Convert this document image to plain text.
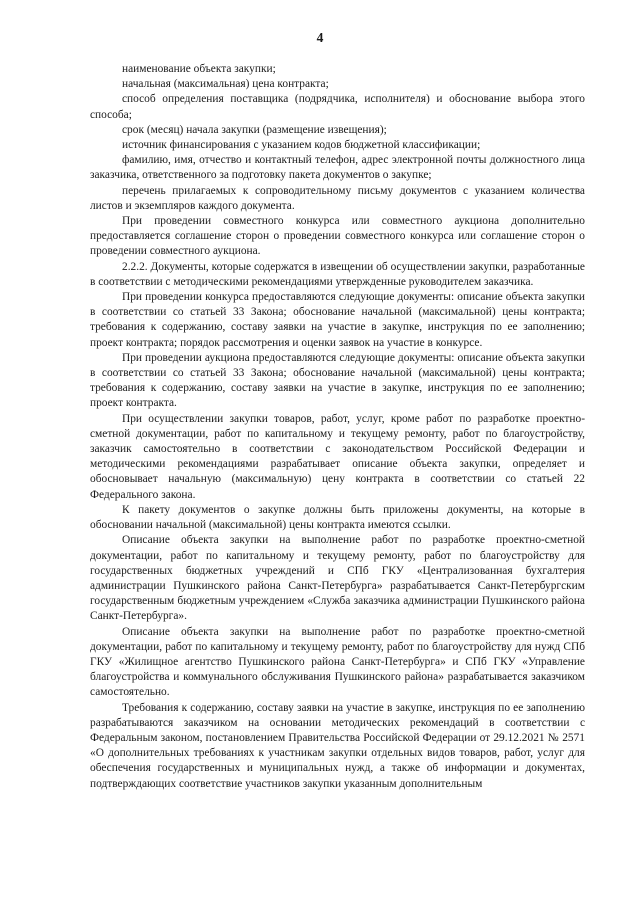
4

наименование объекта закупки;

начальная (максимальная) цена контракта;

способ определения поставщика (подрядчика, исполнителя) и обоснование выбора этого способа;

срок (месяц) начала закупки (размещение извещения);

источник финансирования с указанием кодов бюджетной классификации;

фамилию, имя, отчество и контактный телефон, адрес электронной почты должностного лица заказчика, ответственного за подготовку пакета документов о закупке;

перечень прилагаемых к сопроводительному письму документов с указанием количества листов и экземпляров каждого документа.

При проведении совместного конкурса или совместного аукциона дополнительно предоставляется соглашение сторон о проведении совместного конкурса или соглашение сторон о проведении совместного аукциона.

2.2.2. Документы, которые содержатся в извещении об осуществлении закупки, разработанные в соответствии с методическими рекомендациями утвержденные руководителем заказчика.

При проведении конкурса предоставляются следующие документы: описание объекта закупки в соответствии со статьей 33 Закона; обоснование начальной (максимальной) цены контракта; требования к содержанию, составу заявки на участие в закупке, инструкция по ее заполнению; проект контракта; порядок рассмотрения и оценки заявок на участие в конкурсе.

При проведении аукциона предоставляются следующие документы: описание объекта закупки в соответствии со статьей 33 Закона; обоснование начальной (максимальной) цены контракта; требования к содержанию, составу заявки на участие в закупке, инструкция по ее заполнению; проект контракта.

При осуществлении закупки товаров, работ, услуг, кроме работ по разработке проектно-сметной документации, работ по капитальному и текущему ремонту, работ по благоустройству, заказчик самостоятельно в соответствии с законодательством Российской Федерации и методическими рекомендациями разрабатывает описание объекта закупки, определяет и обосновывает начальную (максимальную) цену контракта в соответствии со статьей 22 Федерального закона.

К пакету документов о закупке должны быть приложены документы, на которые в обосновании начальной (максимальной) цены контракта имеются ссылки.

Описание объекта закупки на выполнение работ по разработке проектно-сметной документации, работ по капитальному и текущему ремонту, работ по благоустройству для государственных бюджетных учреждений и СПб ГКУ «Централизованная бухгалтерия администрации Пушкинского района Санкт-Петербурга» разрабатывается Санкт-Петербургским государственным бюджетным учреждением «Служба заказчика администрации Пушкинского района Санкт-Петербурга».

Описание объекта закупки на выполнение работ по разработке проектно-сметной документации, работ по капитальному и текущему ремонту, работ по благоустройству для нужд СПб ГКУ «Жилищное агентство Пушкинского района Санкт-Петербурга» и СПб ГКУ «Управление благоустройства и коммунального обслуживания Пушкинского района» разрабатывается заказчиком самостоятельно.

Требования к содержанию, составу заявки на участие в закупке, инструкция по ее заполнению разрабатываются заказчиком на основании методических рекомендаций в соответствии с Федеральным законом, постановлением Правительства Российской Федерации от 29.12.2021 № 2571 «О дополнительных требованиях к участникам закупки отдельных видов товаров, работ, услуг для обеспечения государственных и муниципальных нужд, а также об информации и документах, подтверждающих соответствие участников закупки указанным дополнительным
